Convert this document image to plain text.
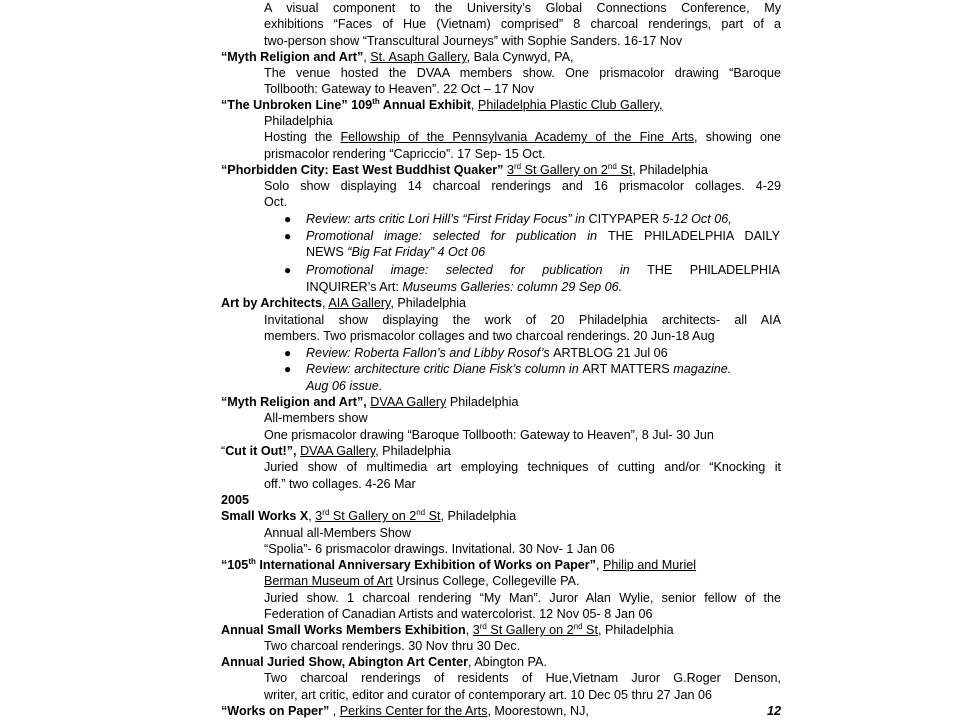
A visual component to the University’s Global Connections Conference, My
exhibitions “Faces of Hue (Vietnam) comprised” 8 charcoal renderings, part of a
two-person show “Transcultural Journeys” with Sophie Sanders. 16-17 Nov
“Myth Religion and Art”, St. Asaph Gallery, Bala Cynwyd, PA,
The venue hosted the DVAA members show. One prismacolor drawing “Baroque
Tollbooth: Gateway to Heaven”. 22 Oct – 17 Nov
“The Unbroken Line” 109th Annual Exhibit, Philadelphia Plastic Club Gallery,
Philadelphia
Hosting the Fellowship of the Pennsylvania Academy of the Fine Arts, showing one
prismacolor rendering “Capriccio”. 17 Sep- 15 Oct.
“Phorbidden City: East West Buddhist Quaker” 3rd St Gallery on 2nd St, Philadelphia
Solo show displaying 14 charcoal renderings and 16 prismacolor collages. 4-29
Oct.
● Review: arts critic Lori Hill’s “First Friday Focus” in CITYPAPER 5-12 Oct 06,
● Promotional image: selected for publication in THE PHILADELPHIA DAILY
NEWS “Big Fat Friday” 4 Oct 06
● Promotional image: selected for publication in THE PHILADELPHIA
INQUIRER’s Art: Museums Galleries: column 29 Sep 06.
Art by Architects, AIA Gallery, Philadelphia
Invitational show displaying the work of 20 Philadelphia architects- all AIA
members. Two prismacolor collages and two charcoal renderings. 20 Jun-18 Aug
● Review: Roberta Fallon’s and Libby Rosof’s ARTBLOG 21 Jul 06
● Review: architecture critic Diane Fisk’s column in ART MATTERS magazine.
Aug 06 issue.
“Myth Religion and Art”, DVAA Gallery Philadelphia
All-members show
One prismacolor drawing “Baroque Tollbooth: Gateway to Heaven”, 8 Jul- 30 Jun
“Cut it Out!”, DVAA Gallery, Philadelphia
Juried show of multimedia art employing techniques of cutting and/or “Knocking it
off.” two collages. 4-26 Mar
2005
Small Works X, 3rd St Gallery on 2nd St, Philadelphia
Annual all-Members Show
“Spolia”- 6 prismacolor drawings. Invitational. 30 Nov- 1 Jan 06
“105th International Anniversary Exhibition of Works on Paper”, Philip and Muriel
Berman Museum of Art Ursinus College, Collegeville PA.
Juried show. 1 charcoal rendering “My Man”. Juror Alan Wylie, senior fellow of the
Federation of Canadian Artists and watercolorist. 12 Nov 05- 8 Jan 06
Annual Small Works Members Exhibition, 3rd St Gallery on 2nd St, Philadelphia
Two charcoal renderings. 30 Nov thru 30 Dec.
Annual Juried Show, Abington Art Center, Abington PA.
Two charcoal renderings of residents of Hue,Vietnam Juror G.Roger Denson,
writer, art critic, editor and curator of contemporary art. 10 Dec 05 thru 27 Jan 06
“Works on Paper” , Perkins Center for the Arts, Moorestown, NJ,	12
